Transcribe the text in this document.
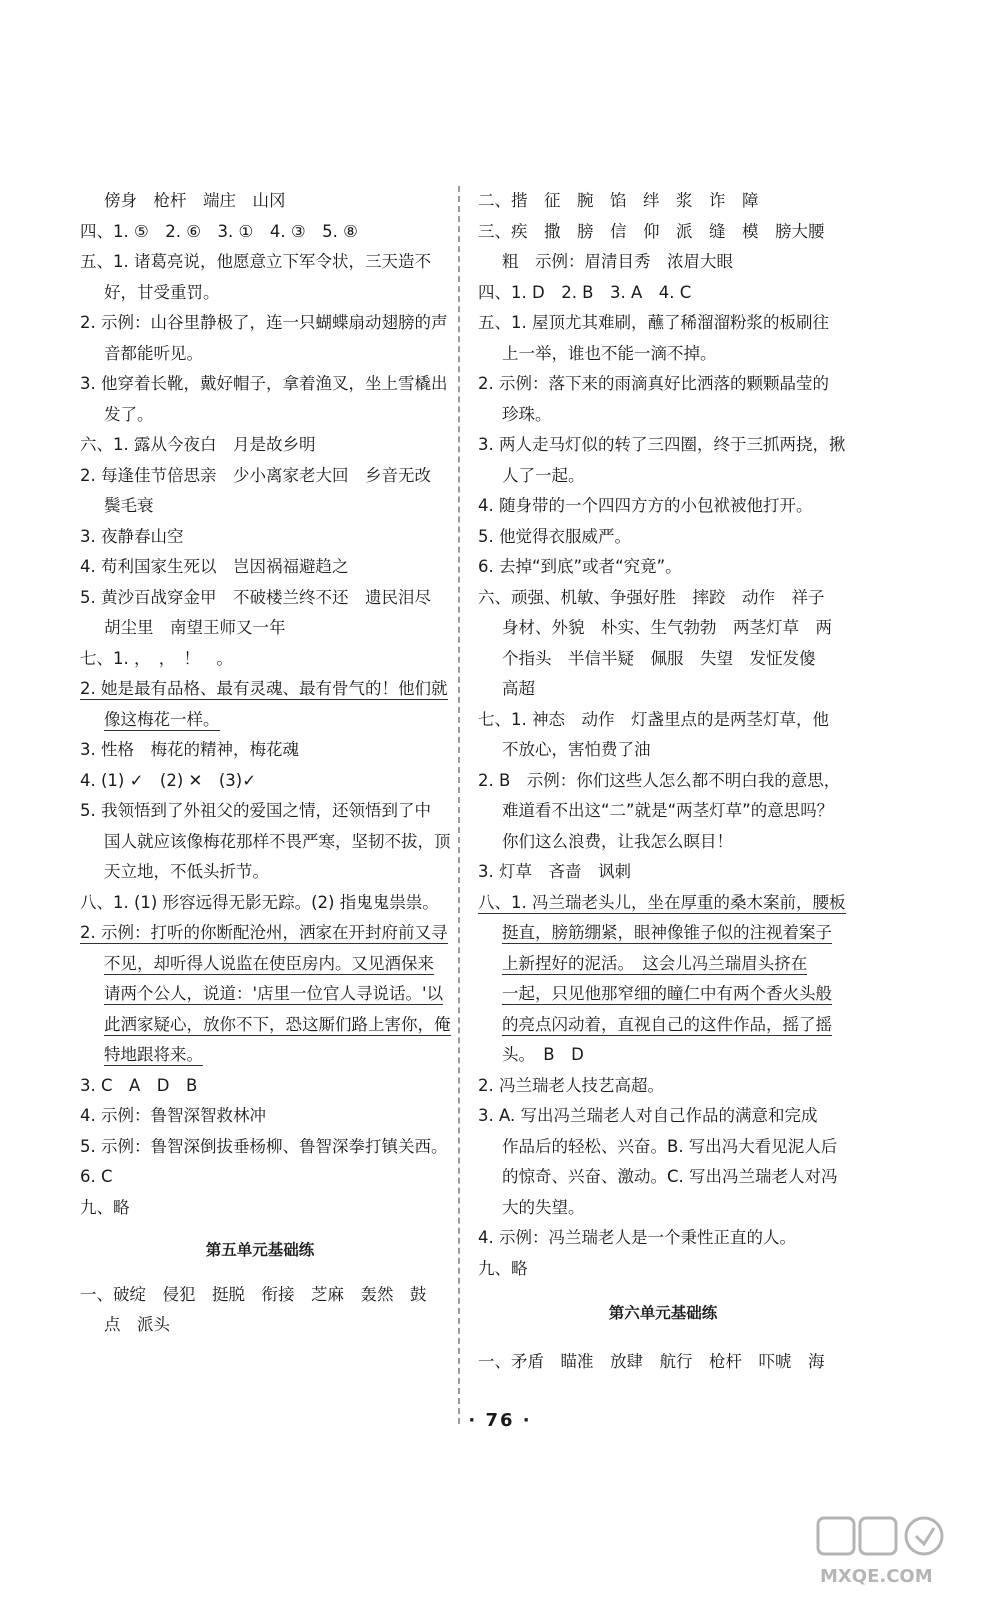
傍身　枪杆　端庄　山冈
四、1. ⑤　2. ⑥　3. ①　4. ③　5. ⑧
五、1. 诸葛亮说，他愿意立下军令状，三天造不
好，甘受重罚。
2. 示例：山谷里静极了，连一只蝴蝶扇动翅膀的声
音都能听见。
3. 他穿着长靴，戴好帽子，拿着渔叉，坐上雪橇出
发了。
六、1. 露从今夜白　月是故乡明
2. 每逢佳节倍思亲　少小离家老大回　乡音无改
鬓毛衰
3. 夜静春山空
4. 苟利国家生死以　岂因祸福避趋之
5. 黄沙百战穿金甲　不破楼兰终不还　遗民泪尽
胡尘里　南望王师又一年
七、1. ，　，　！　。
2. 她是最有品格、最有灵魂、最有骨气的！他们就
像这梅花一样。
3. 性格　梅花的精神，梅花魂
4. (1) ✓　(2) ✕　(3)✓
5. 我领悟到了外祖父的爱国之情，还领悟到了中
国人就应该像梅花那样不畏严寒，坚韧不拔，顶
天立地，不低头折节。
八、1. (1) 形容远得无影无踪。(2) 指鬼鬼祟祟。
2. 示例：打听的你断配沧州，洒家在开封府前又寻
不见，却听得人说监在使臣房内。又见酒保来
请两个公人，说道：'店里一位官人寻说话。'以
此洒家疑心，放你不下，恐这厮们路上害你，俺
特地跟将来。
3. C　A　D　B
4. 示例：鲁智深智救林冲
5. 示例：鲁智深倒拔垂杨柳、鲁智深拳打镇关西。
6. C
九、略
第五单元基础练
一、破绽　侵犯　挺脱　衔接　芝麻　轰然　鼓
点　派头
二、揩　征　腕　馅　绊　浆　诈　障
三、疾　撒　膀　信　仰　派　缝　模　膀大腰
粗　示例：眉清目秀　浓眉大眼
四、1. D　2. B　3. A　4. C
五、1. 屋顶尤其难刷，蘸了稀溜溜粉浆的板刷往
上一举，谁也不能一滴不掉。
2. 示例：落下来的雨滴真好比洒落的颗颗晶莹的
珍珠。
3. 两人走马灯似的转了三四圈，终于三抓两挠，揪
人了一起。
4. 随身带的一个四四方方的小包袱被他打开。
5. 他觉得衣服威严。
6. 去掉“到底”或者“究竟”。
六、顽强、机敏、争强好胜　摔跤　动作　祥子
身材、外貌　朴实、生气勃勃　两茎灯草　两
个指头　半信半疑　佩服　失望　发怔发傻
高超
七、1. 神态　动作　灯盏里点的是两茎灯草，他
不放心，害怕费了油
2. B　示例：你们这些人怎么都不明白我的意思，
难道看不出这“二”就是“两茎灯草”的意思吗？
你们这么浪费，让我怎么瞑目！
3. 灯草　吝啬　讽刺
八、1. 冯兰瑞老头儿，坐在厚重的桑木案前，腰板
挺直，膀筋绷紧，眼神像锥子似的注视着案子
上新捏好的泥活。　这会儿冯兰瑞眉头挤在
一起，只见他那窄细的瞳仁中有两个香火头般
的亮点闪动着，直视自己的这件作品，摇了摇
头。　B　D
2. 冯兰瑞老人技艺高超。
3. A. 写出冯兰瑞老人对自己作品的满意和完成
作品后的轻松、兴奋。B. 写出冯大看见泥人后
的惊奇、兴奋、激动。C. 写出冯兰瑞老人对冯
大的失望。
4. 示例：冯兰瑞老人是一个秉性正直的人。
九、略
第六单元基础练
一、矛盾　瞄准　放肆　航行　枪杆　吓唬　海
· 76 ·
MXQE.COM
